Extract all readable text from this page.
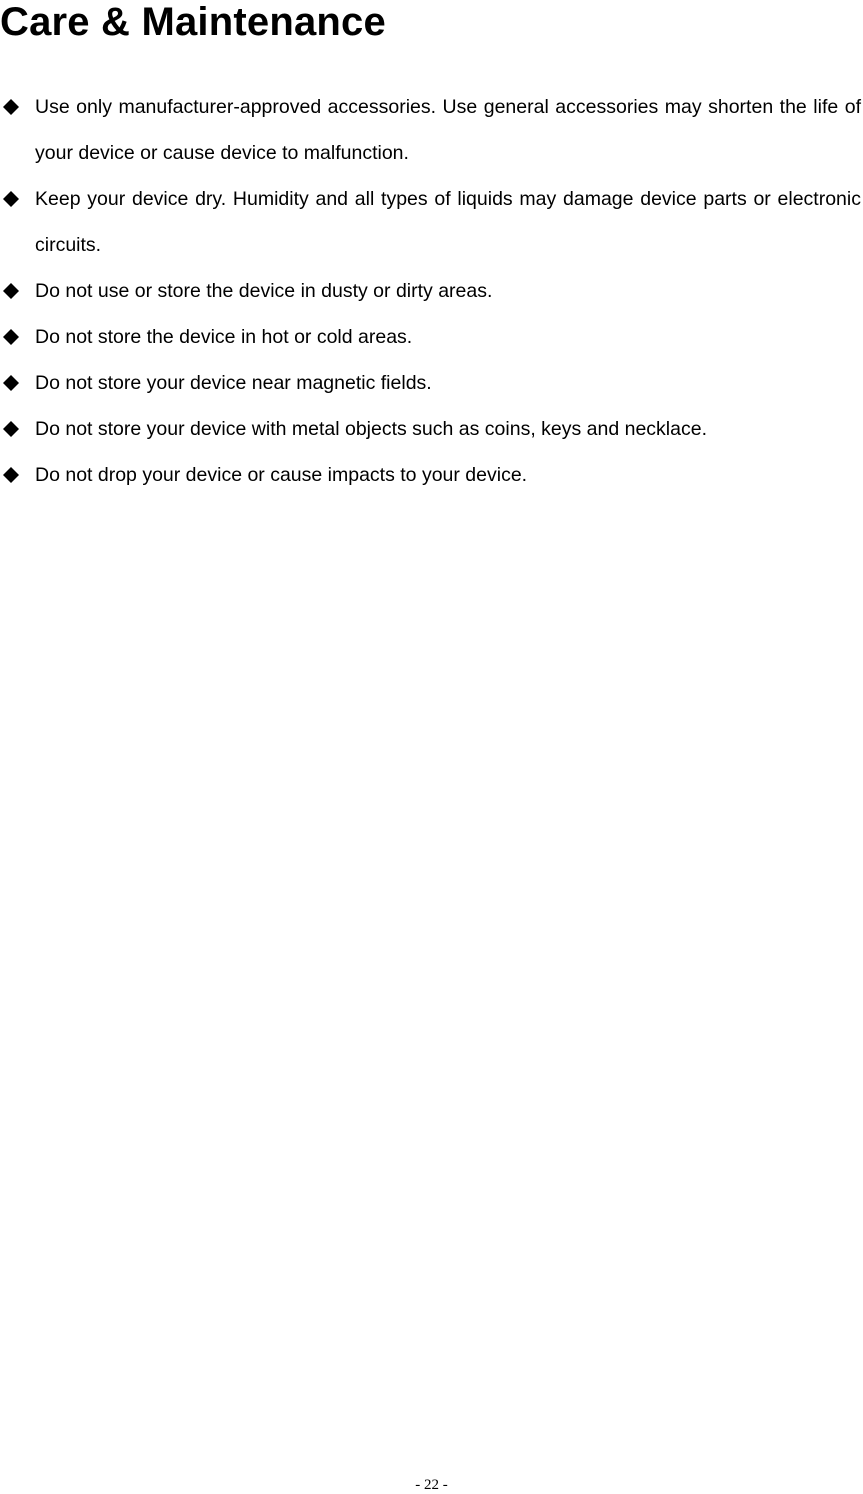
Care & Maintenance
Use only manufacturer-approved accessories. Use general accessories may shorten the life of your device or cause device to malfunction.
Keep your device dry. Humidity and all types of liquids may damage device parts or electronic circuits.
Do not use or store the device in dusty or dirty areas.
Do not store the device in hot or cold areas.
Do not store your device near magnetic fields.
Do not store your device with metal objects such as coins, keys and necklace.
Do not drop your device or cause impacts to your device.
- 22 -
